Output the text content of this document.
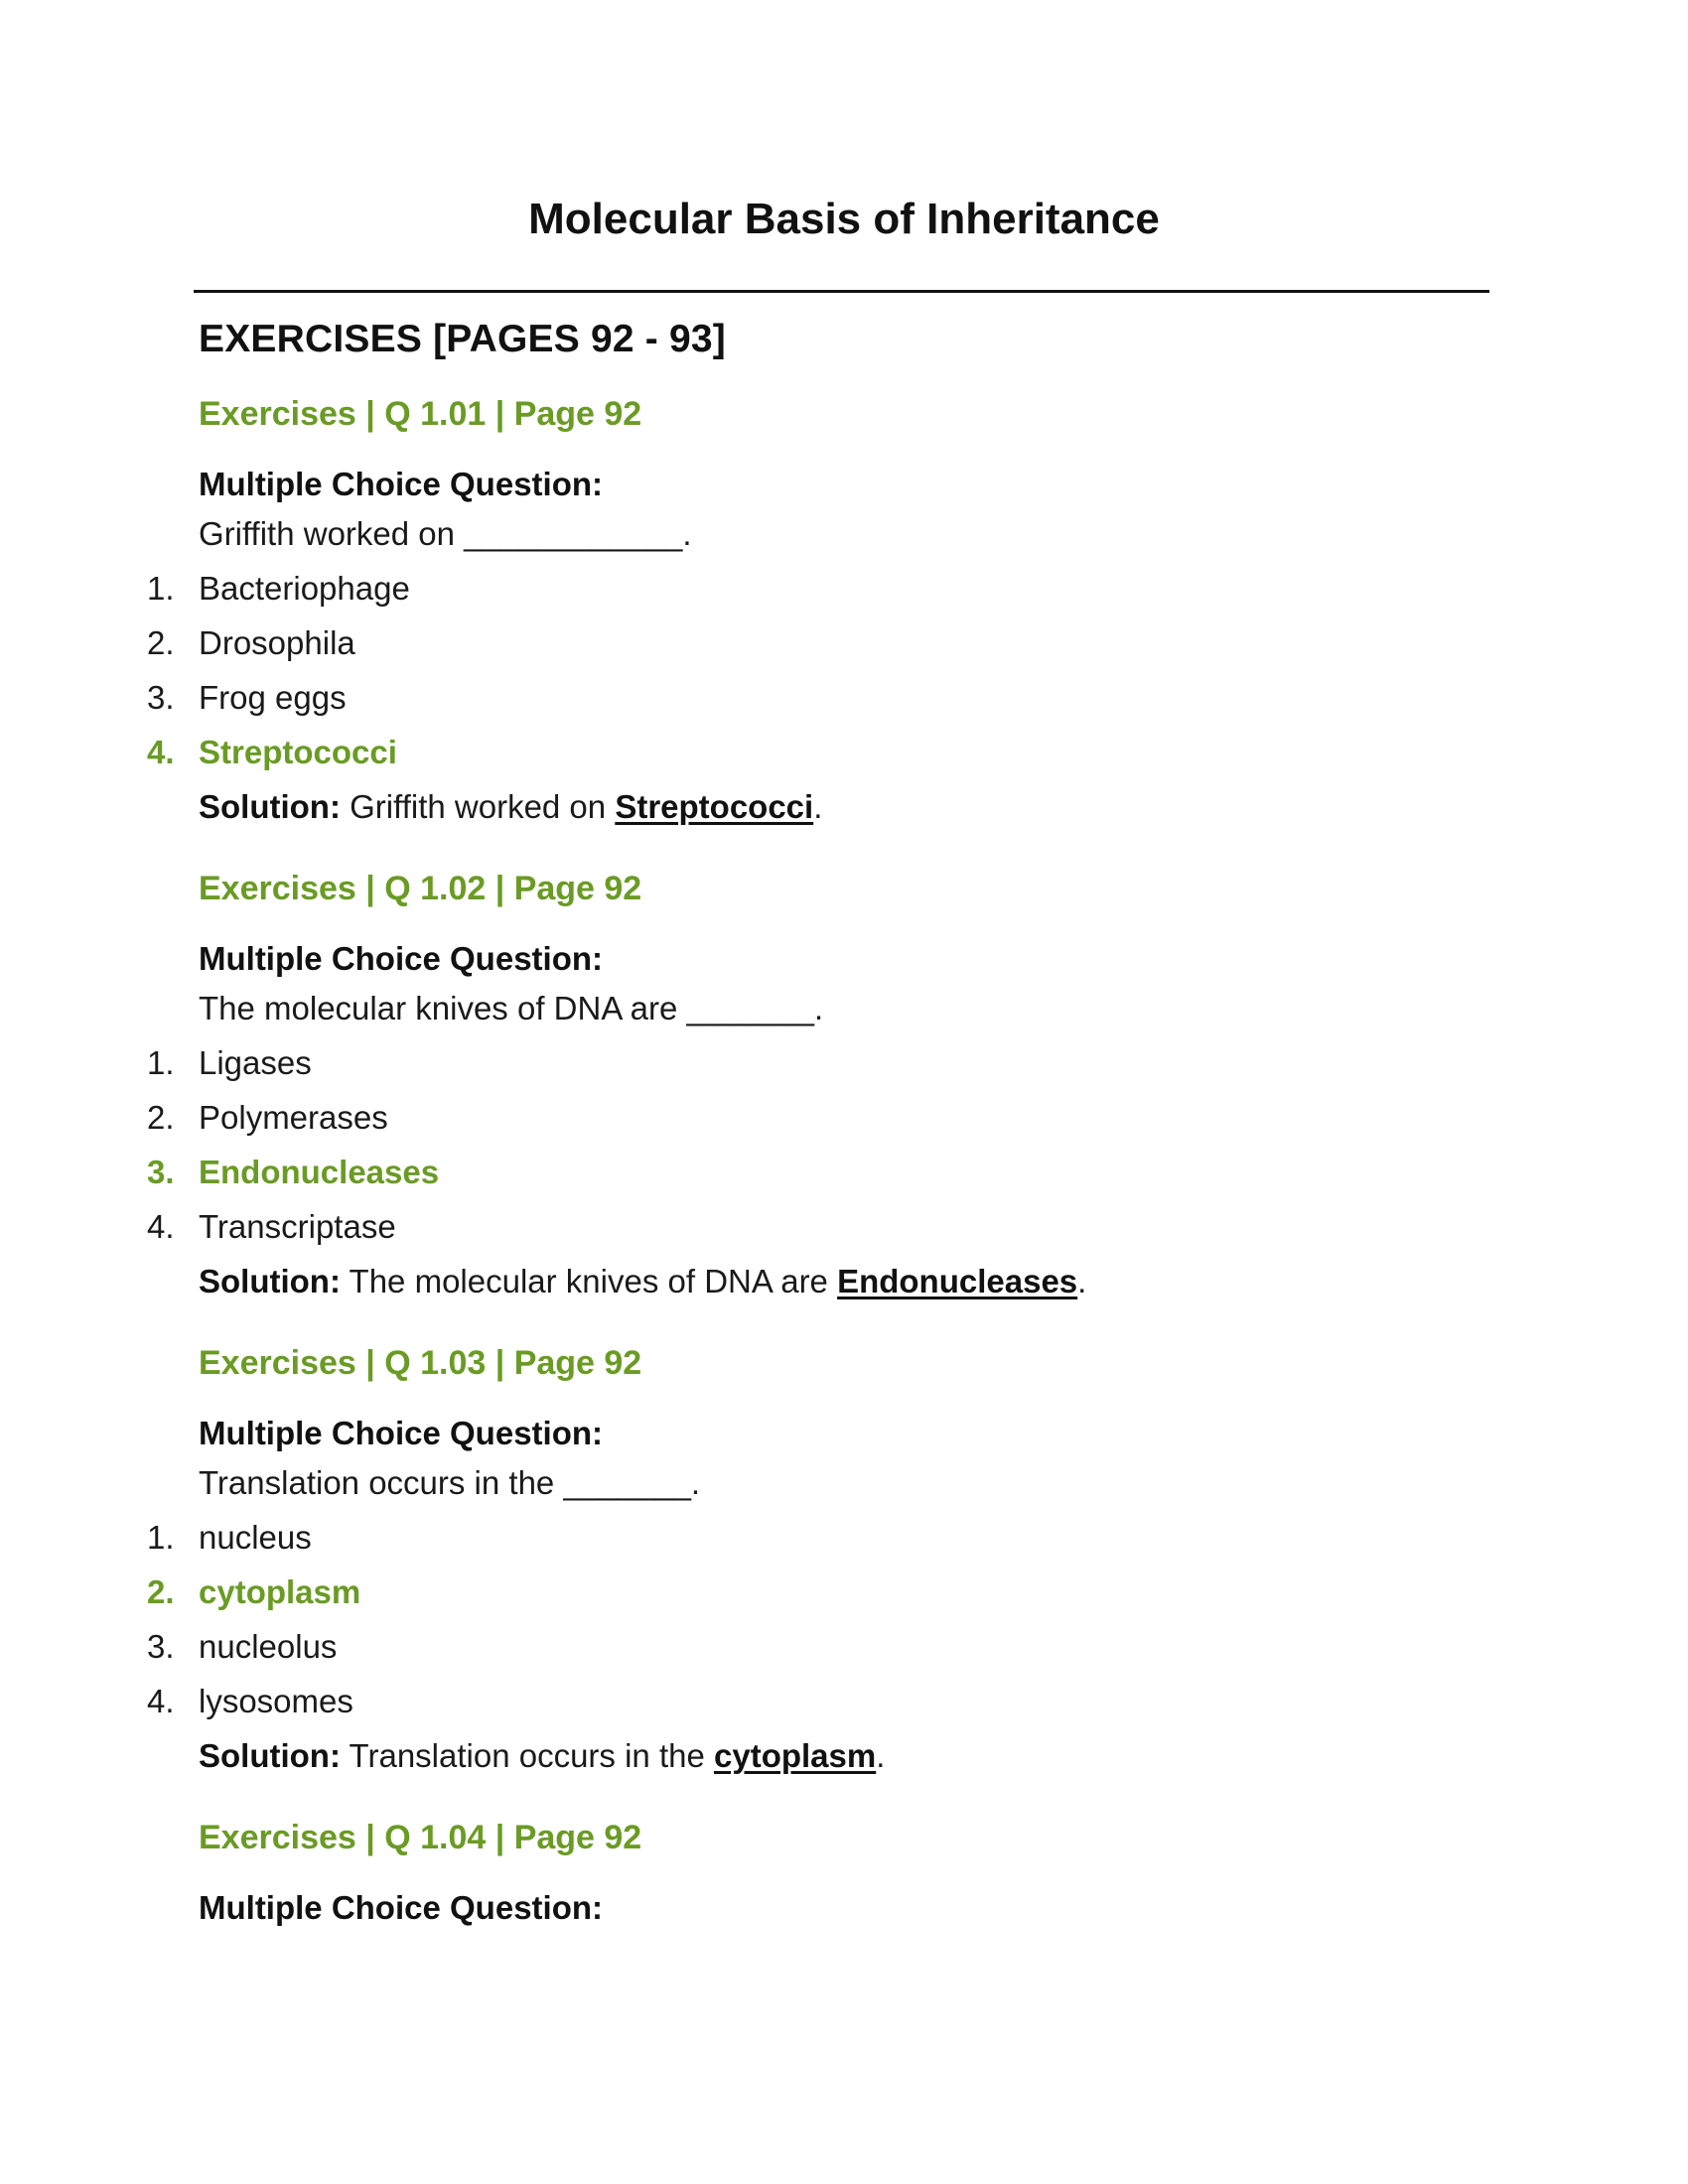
Molecular Basis of Inheritance
EXERCISES [PAGES 92 - 93]
Exercises | Q 1.01 | Page 92
Multiple Choice Question:
Griffith worked on ____________.
1. Bacteriophage
2. Drosophila
3. Frog eggs
4. Streptococci
Solution: Griffith worked on Streptococci.
Exercises | Q 1.02 | Page 92
Multiple Choice Question:
The molecular knives of DNA are _______.
1. Ligases
2. Polymerases
3. Endonucleases
4. Transcriptase
Solution: The molecular knives of DNA are Endonucleases.
Exercises | Q 1.03 | Page 92
Multiple Choice Question:
Translation occurs in the _______.
1. nucleus
2. cytoplasm
3. nucleolus
4. lysosomes
Solution: Translation occurs in the cytoplasm.
Exercises | Q 1.04 | Page 92
Multiple Choice Question:
